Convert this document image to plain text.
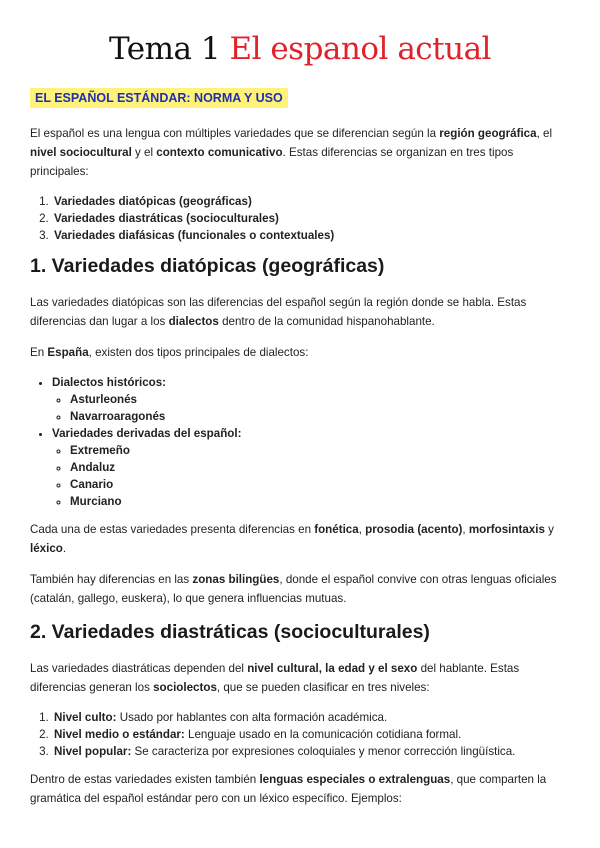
Tema 1 El espanol actual
EL ESPAÑOL ESTÁNDAR: NORMA Y USO

El español es una lengua con múltiples variedades que se diferencian según la región geográfica, el nivel sociocultural y el contexto comunicativo. Estas diferencias se organizan en tres tipos principales:

1. Variedades diatópicas (geográficas)
2. Variedades diastráticas (socioculturales)
3. Variedades diafásicas (funcionales o contextuales)
1. Variedades diatópicas (geográficas)

Las variedades diatópicas son las diferencias del español según la región donde se habla. Estas diferencias dan lugar a los dialectos dentro de la comunidad hispanohablante.

En España, existen dos tipos principales de dialectos:

• Dialectos históricos:
◦ Asturleonés
◦ Navarroaragonés
• Variedades derivadas del español:
◦ Extremeño
◦ Andaluz
◦ Canario
◦ Murciano

Cada una de estas variedades presenta diferencias en fonética, prosodia (acento), morfosintaxis y léxico.

También hay diferencias en las zonas bilingües, donde el español convive con otras lenguas oficiales (catalán, gallego, euskera), lo que genera influencias mutuas.

2. Variedades diastráticas (socioculturales)

Las variedades diastráticas dependen del nivel cultural, la edad y el sexo del hablante. Estas diferencias generan los sociolectos, que se pueden clasificar en tres niveles:

1. Nivel culto: Usado por hablantes con alta formación académica.
2. Nivel medio o estándar: Lenguaje usado en la comunicación cotidiana formal.
3. Nivel popular: Se caracteriza por expresiones coloquiales y menor corrección lingüística.

Dentro de estas variedades existen también lenguas especiales o extralenguas, que comparten la gramática del español estándar pero con un léxico específico. Ejemplos:
